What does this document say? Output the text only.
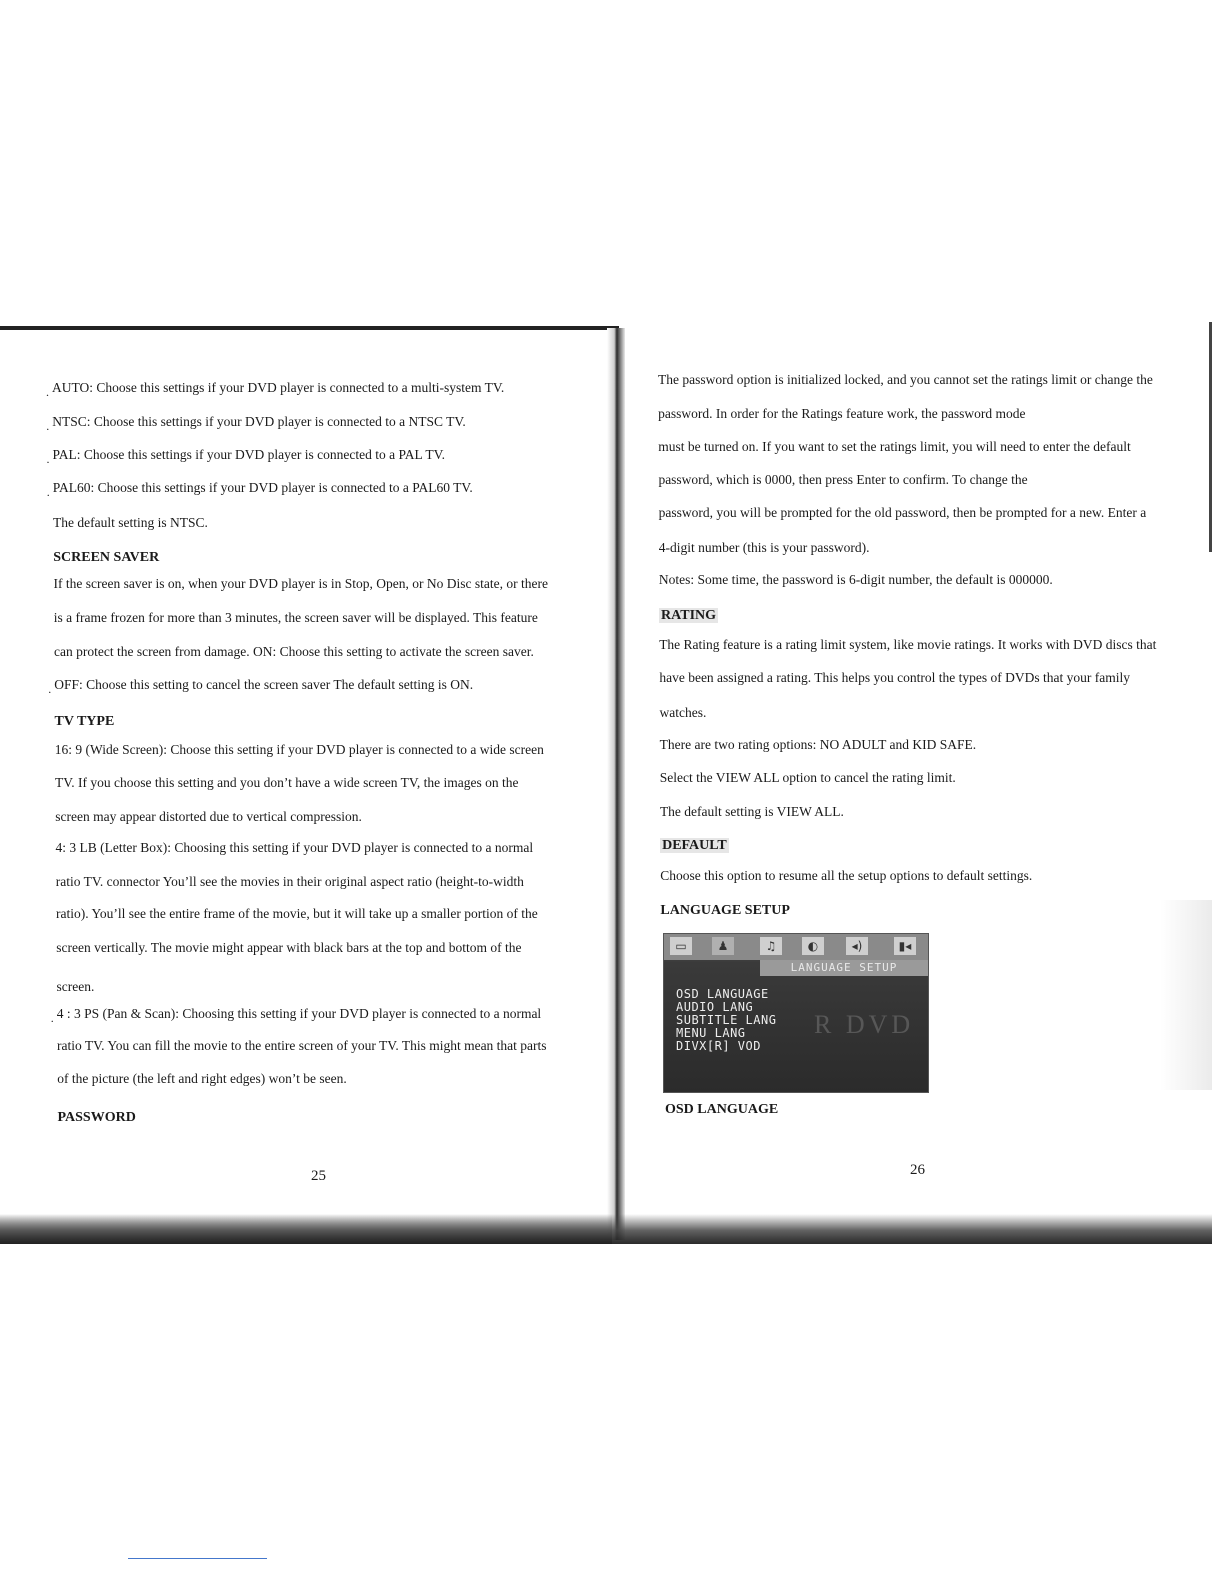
. AUTO: Choose this settings if your DVD player is connected to a multi-system TV.
. NTSC: Choose this settings if your DVD player is connected to a NTSC TV.
. PAL: Choose this settings if your DVD player is connected to a PAL TV.
. PAL60: Choose this settings if your DVD player is connected to a PAL60 TV.
The default setting is NTSC.
SCREEN SAVER
If the screen saver is on, when your DVD player is in Stop, Open, or No Disc state, or there
is a frame frozen for more than 3 minutes, the screen saver will be displayed. This feature
can protect the screen from damage. ON: Choose this setting to activate the screen saver.
. OFF: Choose this setting to cancel the screen saver The default setting is ON.
TV TYPE
16: 9 (Wide Screen): Choose this setting if your DVD player is connected to a wide screen
TV. If you choose this setting and you don’t have a wide screen TV, the images on the
screen may appear distorted due to vertical compression.
4: 3 LB (Letter Box): Choosing this setting if your DVD player is connected to a normal
ratio TV. connector You’ll see the movies in their original aspect ratio (height-to-width
ratio). You’ll see the entire frame of the movie, but it will take up a smaller portion of the
screen vertically. The movie might appear with black bars at the top and bottom of the
screen.
. 4 : 3 PS (Pan & Scan): Choosing this setting if your DVD player is connected to a normal
ratio TV. You can fill the movie to the entire screen of your TV. This might mean that parts
of the picture (the left and right edges) won’t be seen.
PASSWORD
25
The password option is initialized locked, and you cannot set the ratings limit or change the
password. In order for the Ratings feature work, the password mode
must be turned on. If you want to set the ratings limit, you will need to enter the default
password, which is 0000, then press Enter to confirm. To change the
password, you will be prompted for the old password, then be prompted for a new. Enter a
4-digit number (this is your password).
Notes: Some time, the password is 6-digit number, the default is 000000.
RATING
The Rating feature is a rating limit system, like movie ratings. It works with DVD discs that
have been assigned a rating. This helps you control the types of DVDs that your family
watches.
There are two rating options: NO ADULT and KID SAFE.
Select the VIEW ALL option to cancel the rating limit.
The default setting is VIEW ALL.
DEFAULT
Choose this option to resume all the setup options to default settings.
LANGUAGE SETUP
▭	♟	♫	◐	◂)	▮◂
LANGUAGE SETUP
R DVD
OSD LANGUAGE
AUDIO LANG
SUBTITLE LANG
MENU LANG
DIVX[R] VOD
OSD LANGUAGE
26
